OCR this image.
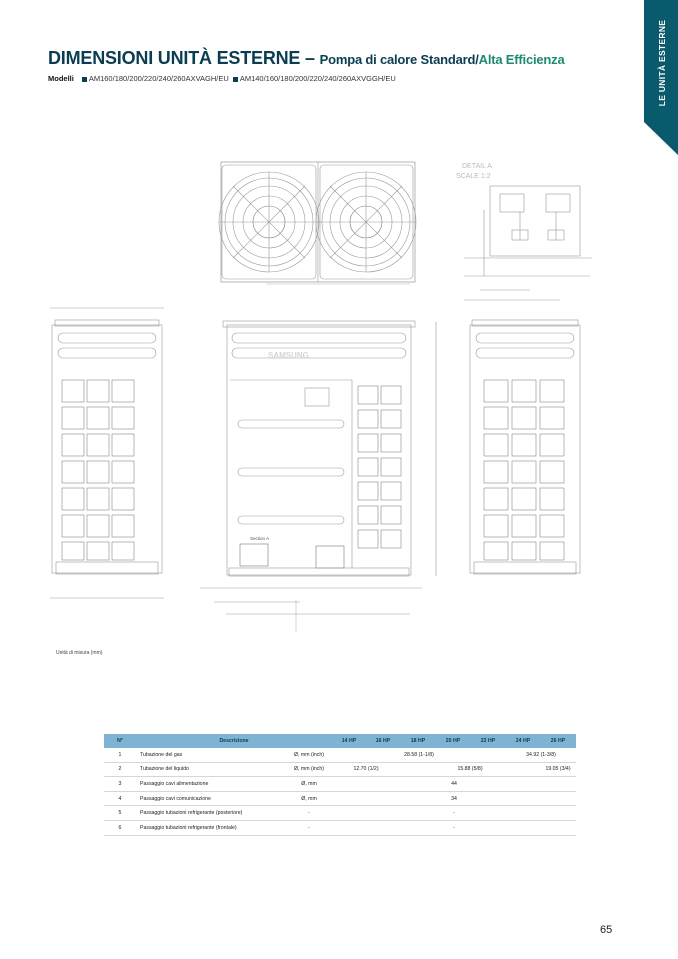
DIMENSIONI UNITÀ ESTERNE – Pompa di calore Standard/Alta Efficienza
Modelli AM160/180/200/220/240/260AXVAGH/EU AM140/160/180/200/220/240/260AXVGGH/EU	LE UNITÀ ESTERNE
DETAIL A
SCALE 1:2
SAMSUNG
Section A
Unità di misura (mm)
N°	Descrizione		14 HP	16 HP	18 HP	20 HP	22 HP	24 HP	26 HP
1	Tubazione del gas	Ø, mm (inch)	28.58 (1-1/8)					34.92 (1-3/8)	
2	Tubazione del liquido	Ø, mm (inch)	12.70 (1/2)		15.88 (5/8)				19.05 (3/4)
3	Passaggio cavi alimentazione	Ø, mm	44						
4	Passaggio cavi comunicazione	Ø, mm	34						
5	Passaggio tubazioni refrigerante (posteriore)	-	-						
6	Passaggio tubazioni refrigerante (frontale)	-	-						
65
